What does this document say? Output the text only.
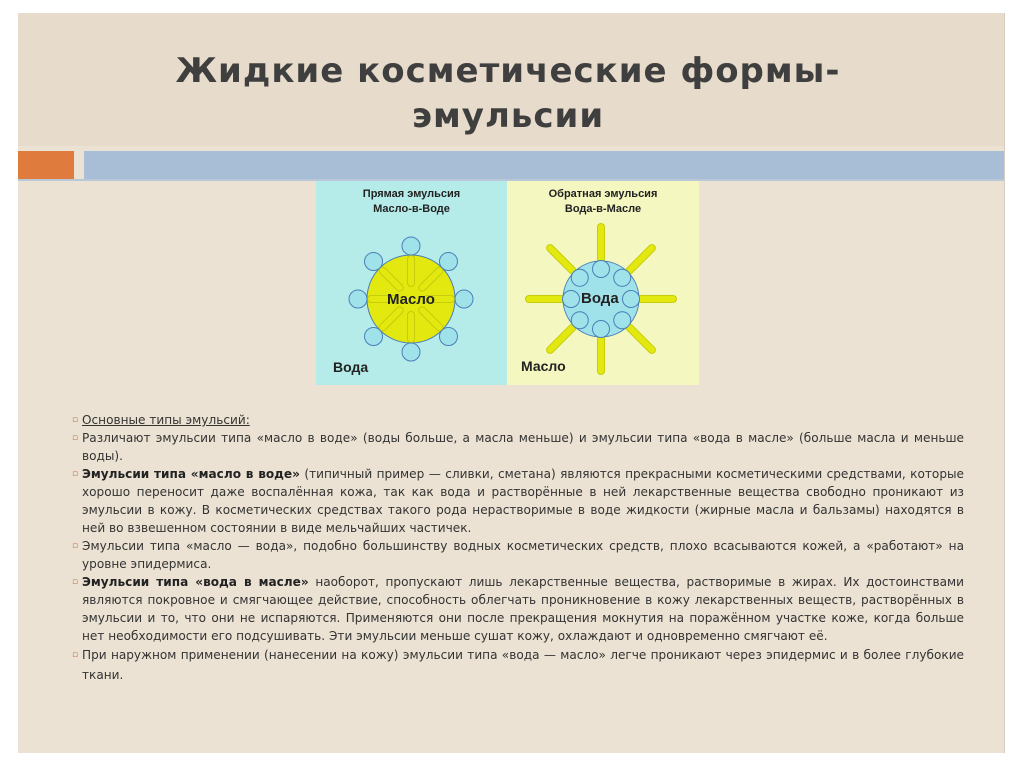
Жидкие косметические формы-
эмульсии
Прямая эмульсия
Масло-в-Воде
Масло
Вода
Обратная эмульсия
Вода-в-Масле
Вода
Масло

▫ Основные типы эмульсий:

▫ Различают эмульсии типа «масло в воде» (воды больше, а масла меньше) и эмульсии типа «вода в масле» (больше масла и меньше воды).

▫ Эмульсии типа «масло в воде» (типичный пример — сливки, сметана) являются прекрасными косметическими средствами, которые хорошо переносит даже воспалённая кожа, так как вода и растворённые в ней лекарственные вещества свободно проникают из эмульсии в кожу. В косметических средствах такого рода нерастворимые в воде жидкости (жирные масла и бальзамы) находятся в ней во взвешенном состоянии в виде мельчайших частичек.

▫ Эмульсии типа «масло — вода», подобно большинству водных косметических средств, плохо всасываются кожей, а «работают» на уровне эпидермиса.

▫ Эмульсии типа «вода в масле» наоборот, пропускают лишь лекарственные вещества, растворимые в жирах. Их достоинствами являются покровное и смягчающее действие, способность облегчать проникновение в кожу лекарственных веществ, растворённых в эмульсии и то, что они не испаряются. Применяются они после прекращения мокнутия на поражённом участке коже, когда больше нет необходимости его подсушивать. Эти эмульсии меньше сушат кожу, охлаждают и одновременно смягчают её.

▫ При наружном применении (нанесении на кожу) эмульсии типа «вода — масло» легче проникают через эпидермис и в более глубокие ткани.
